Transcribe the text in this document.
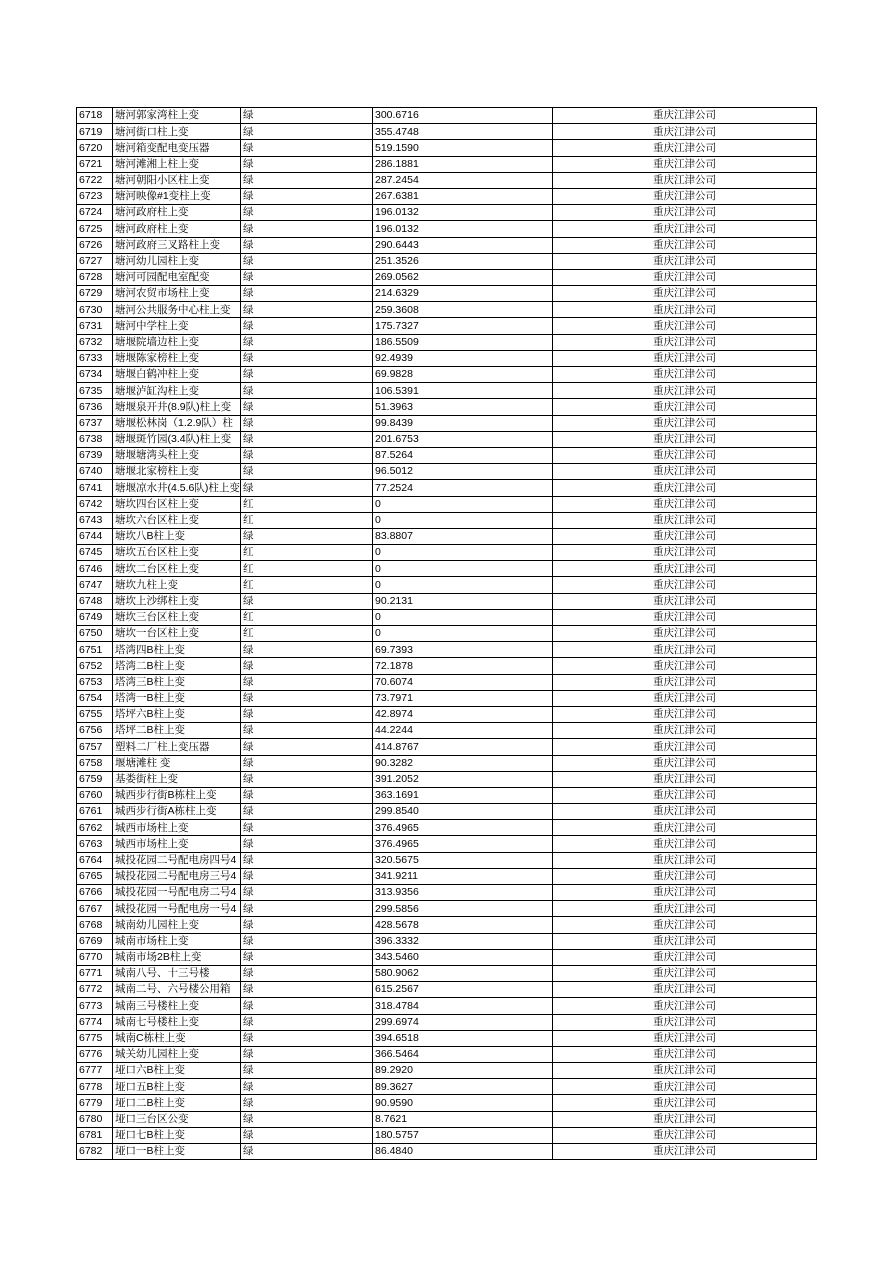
6718	塘河郭家湾柱上变	绿	300.6716	重庆江津公司
6719	塘河街口柱上变	绿	355.4748	重庆江津公司
6720	塘河箱变配电变压器	绿	519.1590	重庆江津公司
6721	塘河滩湘上柱上变	绿	286.1881	重庆江津公司
6722	塘河朝阳小区柱上变	绿	287.2454	重庆江津公司
6723	塘河映像#1变柱上变	绿	267.6381	重庆江津公司
6724	塘河政府柱上变	绿	196.0132	重庆江津公司
6725	塘河政府柱上变	绿	196.0132	重庆江津公司
6726	塘河政府三叉路柱上变	绿	290.6443	重庆江津公司
6727	塘河幼儿园柱上变	绿	251.3526	重庆江津公司
6728	塘河可园配电室配变	绿	269.0562	重庆江津公司
6729	塘河农贸市场柱上变	绿	214.6329	重庆江津公司
6730	塘河公共服务中心柱上变	绿	259.3608	重庆江津公司
6731	塘河中学柱上变	绿	175.7327	重庆江津公司
6732	塘堰院墙边柱上变	绿	186.5509	重庆江津公司
6733	塘堰陈家榜柱上变	绿	92.4939	重庆江津公司
6734	塘堰白鹤冲柱上变	绿	69.9828	重庆江津公司
6735	塘堰泸缸沟柱上变	绿	106.5391	重庆江津公司
6736	塘堰泉开井(8.9队)柱上变	绿	51.3963	重庆江津公司
6737	塘堰松林岗（1.2.9队）柱	绿	99.8439	重庆江津公司
6738	塘堰斑竹园(3.4队)柱上变	绿	201.6753	重庆江津公司
6739	塘堰塘湾头柱上变	绿	87.5264	重庆江津公司
6740	塘堰北家榜柱上变	绿	96.5012	重庆江津公司
6741	塘堰凉水井(4.5.6队)柱上变	绿	77.2524	重庆江津公司
6742	塘坎四台区柱上变	红	0	重庆江津公司
6743	塘坎六台区柱上变	红	0	重庆江津公司
6744	塘坎八B柱上变	绿	83.8807	重庆江津公司
6745	塘坎五台区柱上变	红	0	重庆江津公司
6746	塘坎二台区柱上变	红	0	重庆江津公司
6747	塘坎九柱上变	红	0	重庆江津公司
6748	塘坎上沙绑柱上变	绿	90.2131	重庆江津公司
6749	塘坎三台区柱上变	红	0	重庆江津公司
6750	塘坎一台区柱上变	红	0	重庆江津公司
6751	塔湾四B柱上变	绿	69.7393	重庆江津公司
6752	塔湾二B柱上变	绿	72.1878	重庆江津公司
6753	塔湾三B柱上变	绿	70.6074	重庆江津公司
6754	塔湾一B柱上变	绿	73.7971	重庆江津公司
6755	塔坪六B柱上变	绿	42.8974	重庆江津公司
6756	塔坪二B柱上变	绿	44.2244	重庆江津公司
6757	塑料二厂柱上变压器	绿	414.8767	重庆江津公司
6758	堰塘滩柱 变	绿	90.3282	重庆江津公司
6759	基娄街柱上变	绿	391.2052	重庆江津公司
6760	城西步行街B栋柱上变	绿	363.1691	重庆江津公司
6761	城西步行街A栋柱上变	绿	299.8540	重庆江津公司
6762	城西市场柱上变	绿	376.4965	重庆江津公司
6763	城西市场柱上变	绿	376.4965	重庆江津公司
6764	城投花园二号配电房四号4	绿	320.5675	重庆江津公司
6765	城投花园二号配电房三号4	绿	341.9211	重庆江津公司
6766	城投花园一号配电房二号4	绿	313.9356	重庆江津公司
6767	城投花园一号配电房一号4	绿	299.5856	重庆江津公司
6768	城南幼儿园柱上变	绿	428.5678	重庆江津公司
6769	城南市场柱上变	绿	396.3332	重庆江津公司
6770	城南市场2B柱上变	绿	343.5460	重庆江津公司
6771	城南八号、十三号楼	绿	580.9062	重庆江津公司
6772	城南二号、六号楼公用箱	绿	615.2567	重庆江津公司
6773	城南三号楼柱上变	绿	318.4784	重庆江津公司
6774	城南七号楼柱上变	绿	299.6974	重庆江津公司
6775	城南C栋柱上变	绿	394.6518	重庆江津公司
6776	城关幼儿园柱上变	绿	366.5464	重庆江津公司
6777	垭口六B柱上变	绿	89.2920	重庆江津公司
6778	垭口五B柱上变	绿	89.3627	重庆江津公司
6779	垭口二B柱上变	绿	90.9590	重庆江津公司
6780	垭口三台区公变	绿	8.7621	重庆江津公司
6781	垭口七B柱上变	绿	180.5757	重庆江津公司
6782	垭口一B柱上变	绿	86.4840	重庆江津公司
